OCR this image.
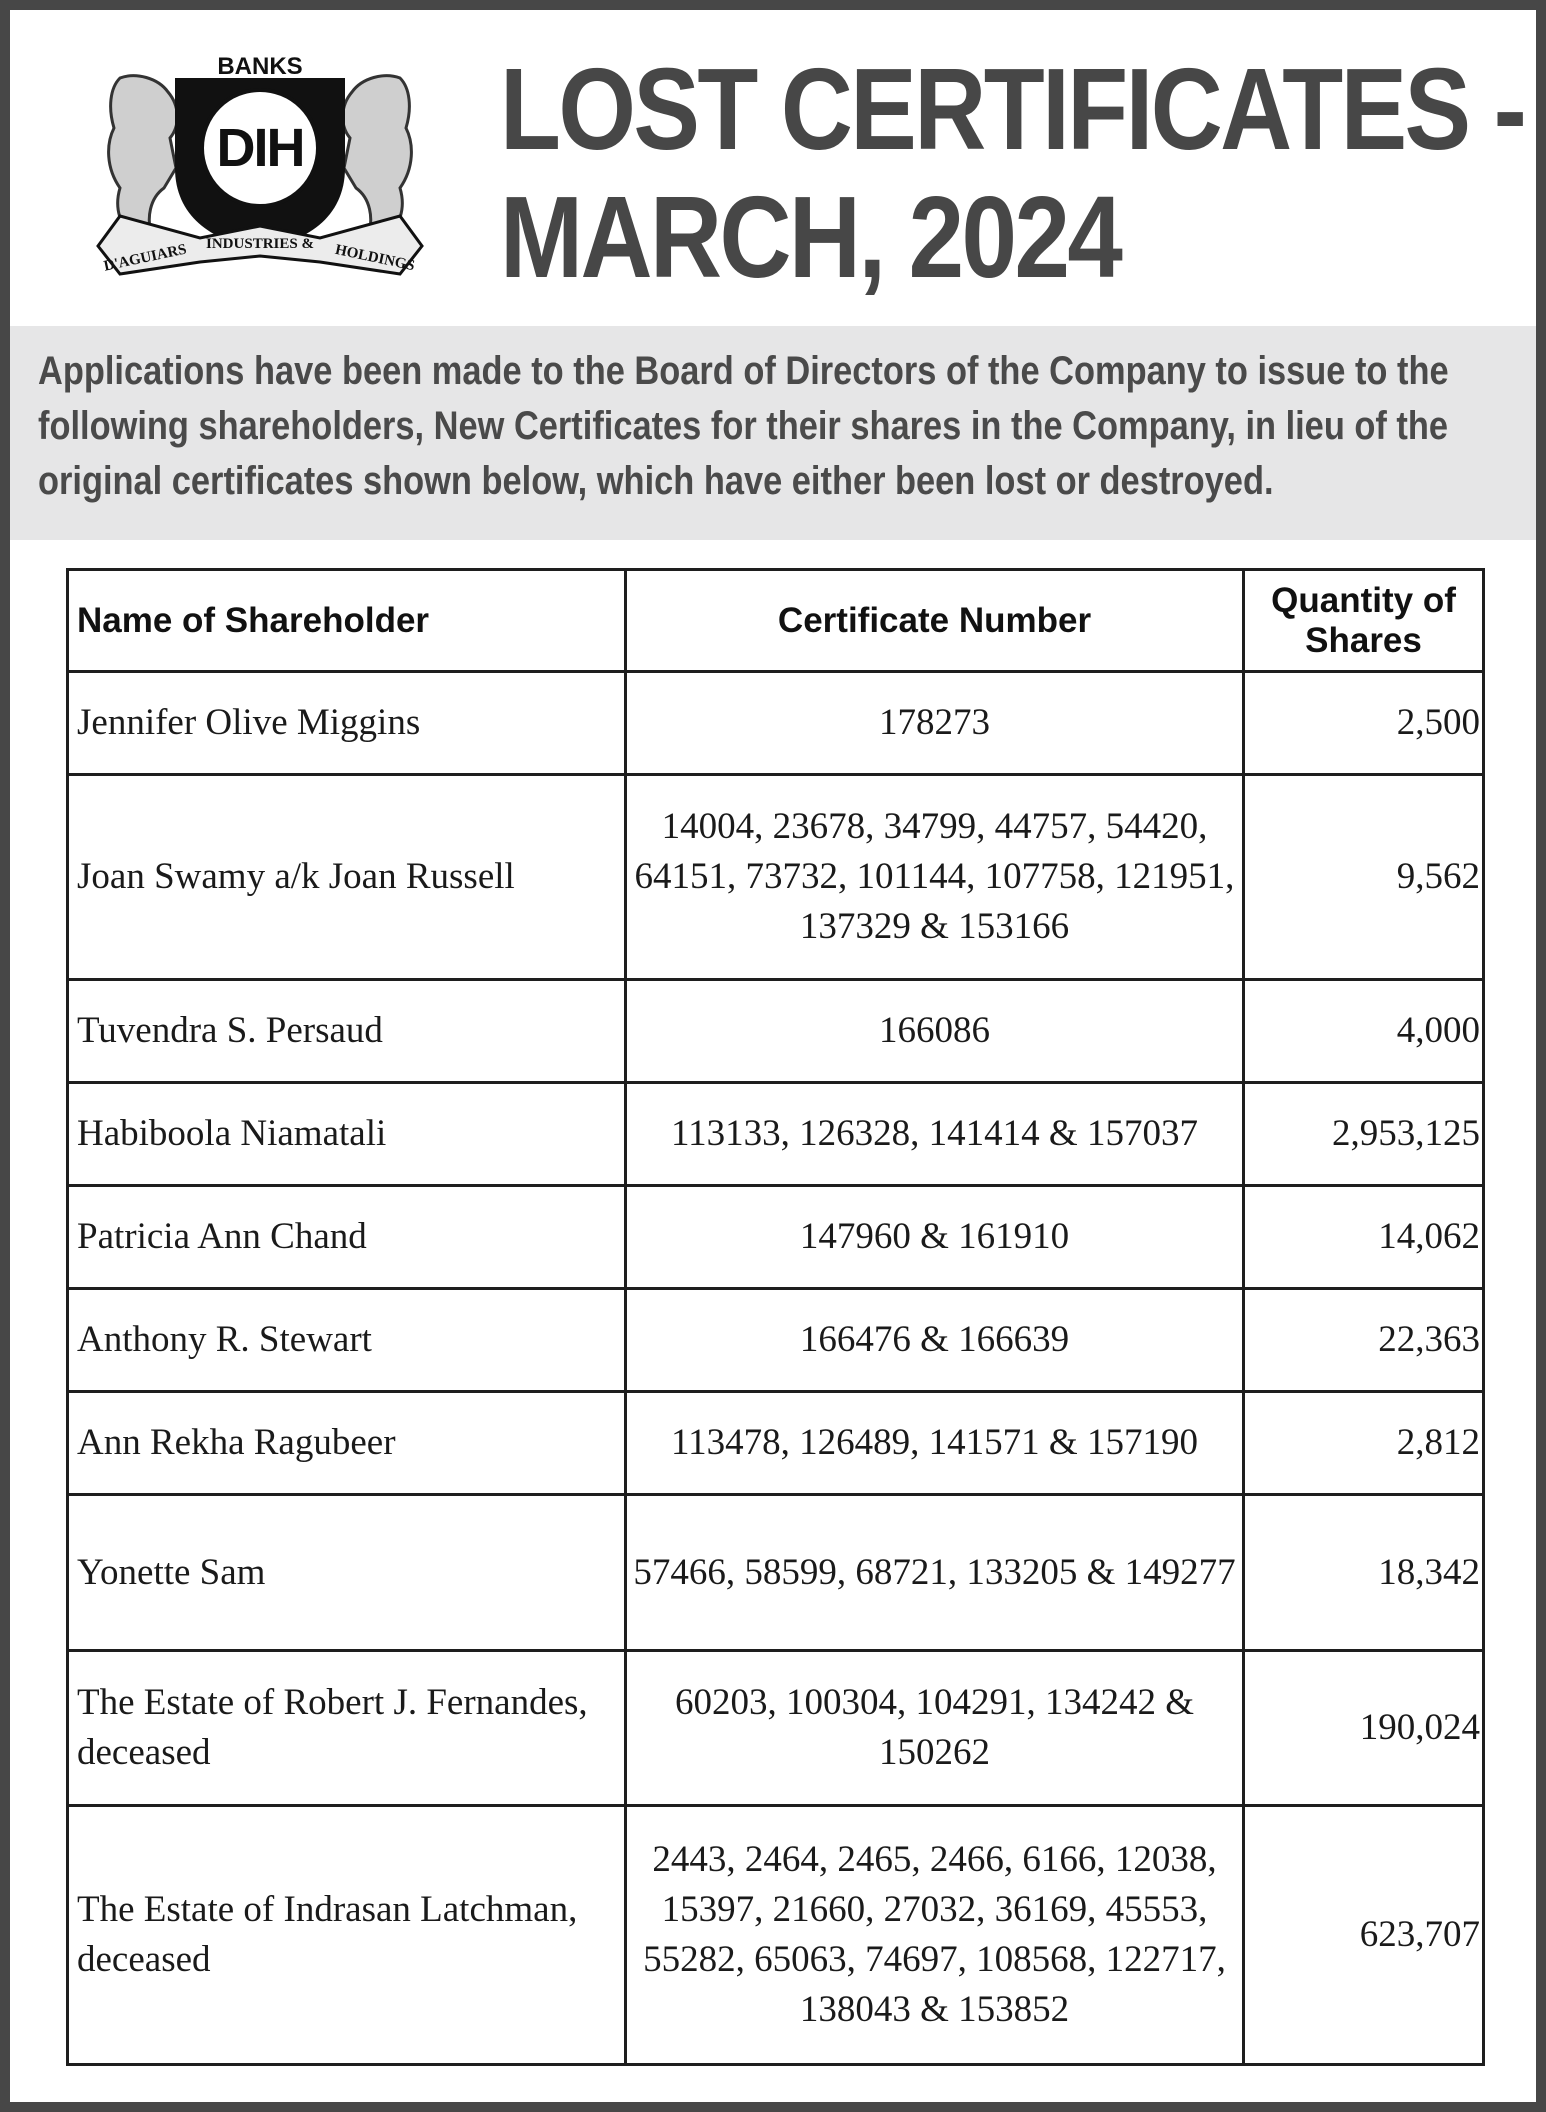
BANKS
DIH
D'AGUIARS INDUSTRIES & HOLDINGS
LOST CERTIFICATES -
MARCH, 2024
Applications have been made to the Board of Directors of the Company to issue to the following shareholders, New Certificates for their shares in the Company, in lieu of the original certificates shown below, which have either been lost or destroyed.
Name of Shareholder	Certificate Number	Quantity of Shares
Jennifer Olive Miggins	178273	2,500
Joan Swamy a/k Joan Russell	14004, 23678, 34799, 44757, 54420, 64151, 73732, 101144, 107758, 121951, 137329 & 153166	9,562
Tuvendra S. Persaud	166086	4,000
Habiboola Niamatali	113133, 126328, 141414 & 157037	2,953,125
Patricia Ann Chand	147960 & 161910	14,062
Anthony R. Stewart	166476 & 166639	22,363
Ann Rekha Ragubeer	113478, 126489, 141571 & 157190	2,812
Yonette Sam	57466, 58599, 68721, 133205 & 149277	18,342
The Estate of Robert J. Fernandes, deceased	60203, 100304, 104291, 134242 & 150262	190,024
The Estate of Indrasan Latchman, deceased	2443, 2464, 2465, 2466, 6166, 12038, 15397, 21660, 27032, 36169, 45553, 55282, 65063, 74697, 108568, 122717, 138043 & 153852	623,707
